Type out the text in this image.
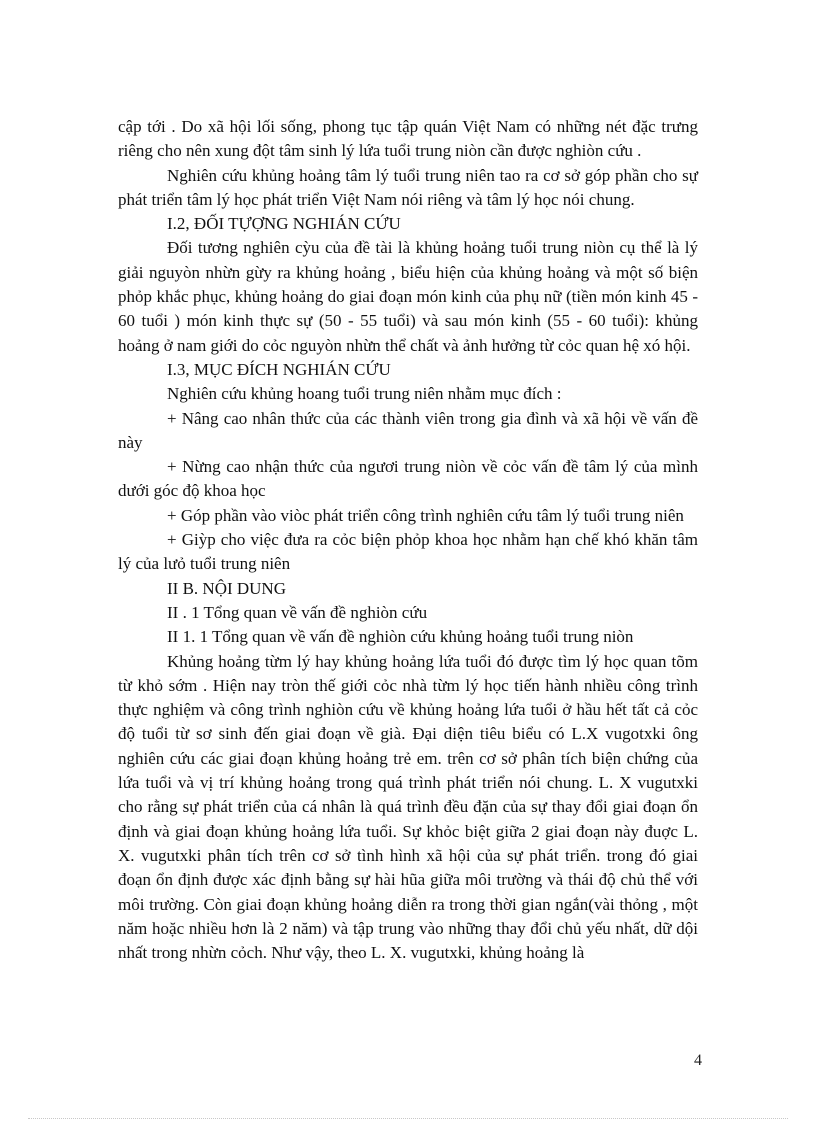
cập tới . Do xã hội lối sống, phong tục tập quán Việt Nam có những nét đặc trưng riêng cho nên xung đột tâm sinh lý lứa tuổi trung niòn cần được nghiòn cứu .

Nghiên cứu khủng hoảng tâm lý tuổi trung niên tao ra cơ sở góp phần cho sự phát triển tâm lý học phát triển Việt Nam nói riêng và tâm lý học nói chung.

I.2, ĐỐI TỰỢNG NGHIÁN CỨU

Đối tương nghiên cỳu của đề tài là khủng hoảng tuổi trung niòn cụ thể là lý giải nguyòn nhừn gừy ra khủng hoảng , biểu hiện của khủng hoảng và một số biện phỏp khắc phục, khủng hoảng do giai đoạn món kinh của phụ nữ (tiền món kinh 45 - 60 tuổi ) món kinh thực sự (50 - 55 tuổi) và sau món kinh (55 - 60 tuổi): khủng hoảng ở nam giới do cỏc nguyòn nhừn thể chất và ảnh hưởng từ cỏc quan hệ xó hội.

I.3, MỤC ĐÍCH NGHIÁN CỨU

Nghiên cứu khủng hoang tuổi trung niên nhằm mục đích :

+ Nâng cao nhân thức của các thành viên trong gia đình và xã hội về vấn đề này

+ Nừng cao nhận thức của ngươi trung niòn về cỏc vấn đề tâm lý của mình dưới góc độ khoa học

+ Góp phần vào viòc phát triển công trình nghiên cứu tâm lý tuổi trung niên

+ Giỳp cho việc đưa ra cỏc biện phỏp khoa học nhằm hạn chế khó khăn tâm lý của lưỏ tuổi trung niên

II B. NỘI DUNG

II . 1 Tổng quan về vấn đề nghiòn cứu

II 1. 1 Tổng quan về vấn đề nghiòn cứu khủng hoảng tuổi trung niòn

Khủng hoảng từm lý hay khủng hoảng lứa tuổi đó được tìm lý học quan tõm từ khỏ sớm . Hiện nay tròn thế giới cỏc nhà từm lý học tiến hành nhiều công trình thực nghiệm và công trình nghiòn cứu về khủng hoảng lứa tuổi ở hầu hết tất cả cỏc độ tuổi từ sơ sinh đến giai đoạn về già. Đại diện tiêu biểu có L.X vugotxki ông nghiên cứu các giai đoạn khủng hoảng trẻ em. trên cơ sở phân tích biện chứng của lứa tuổi và vị trí khủng hoảng trong quá trình phát triển nói chung. L. X vugutxki cho rằng sự phát triển của cá nhân là quá trình đều đặn của sự thay đổi giai đoạn ổn định và giai đoạn khủng hoảng lứa tuổi. Sự khỏc biệt giữa 2 giai đoạn này đuợc L. X. vugutxki phân tích trên cơ sở tình hình xã hội của sự phát triển. trong đó giai đoạn ổn định được xác định bằng sự hài hũa giữa môi trường và thái độ chủ thể với môi trường. Còn giai đoạn khủng hoảng diễn ra trong thời gian ngắn(vài thỏng , một năm hoặc nhiều hơn là 2 năm) và tập trung vào những thay đổi chủ yếu nhất, dữ dội nhất trong nhừn cỏch. Như vậy, theo L. X. vugutxki, khủng hoảng là

4
